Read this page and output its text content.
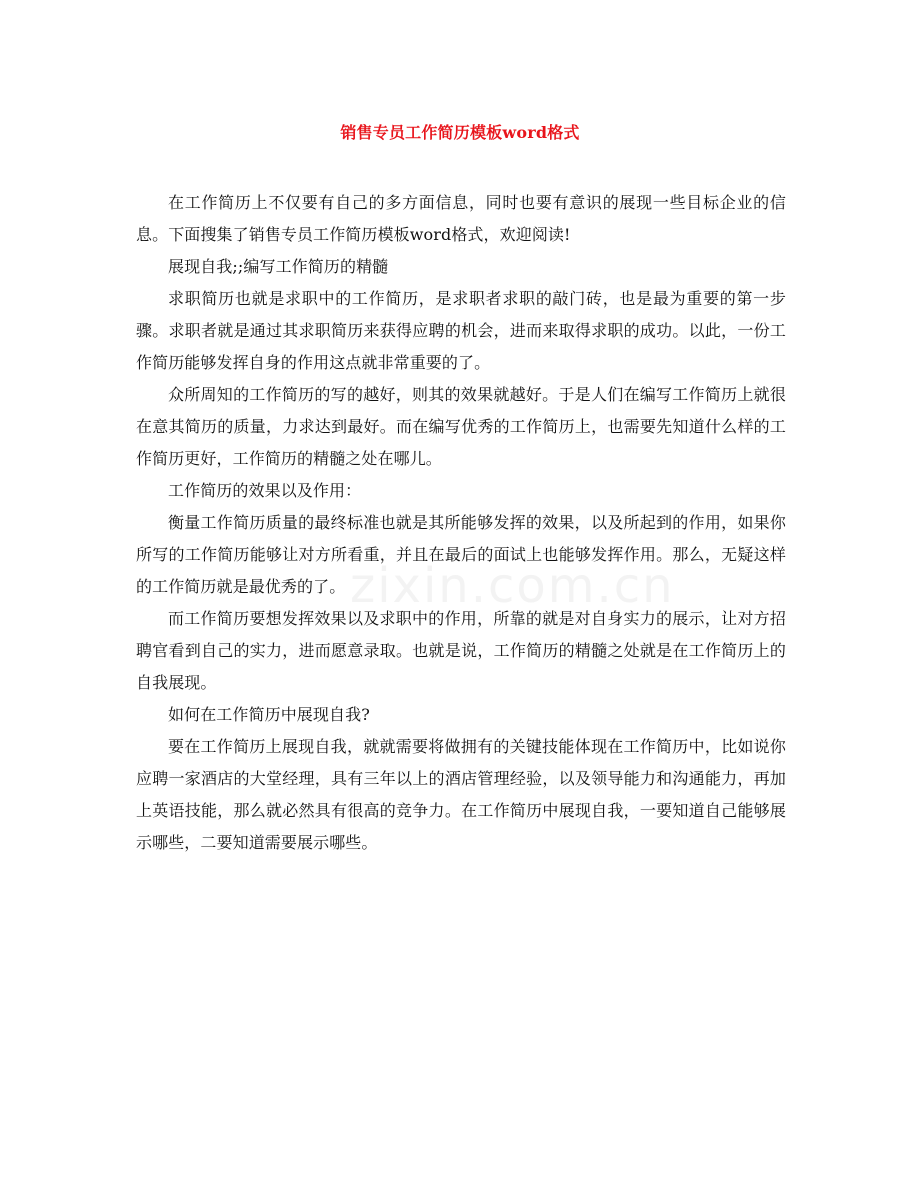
销售专员工作简历模板word格式
zixin.com.cn

在工作简历上不仅要有自己的多方面信息，同时也要有意识的展现一些目标企业的信息。下面搜集了销售专员工作简历模板word格式，欢迎阅读!

展现自我;;编写工作简历的精髓

求职简历也就是求职中的工作简历，是求职者求职的敲门砖，也是最为重要的第一步骤。求职者就是通过其求职简历来获得应聘的机会，进而来取得求职的成功。以此，一份工作简历能够发挥自身的作用这点就非常重要的了。

众所周知的工作简历的写的越好，则其的效果就越好。于是人们在编写工作简历上就很在意其简历的质量，力求达到最好。而在编写优秀的工作简历上，也需要先知道什么样的工作简历更好，工作简历的精髓之处在哪儿。

工作简历的效果以及作用：

衡量工作简历质量的最终标准也就是其所能够发挥的效果，以及所起到的作用，如果你所写的工作简历能够让对方所看重，并且在最后的面试上也能够发挥作用。那么，无疑这样的工作简历就是最优秀的了。

而工作简历要想发挥效果以及求职中的作用，所靠的就是对自身实力的展示，让对方招聘官看到自己的实力，进而愿意录取。也就是说，工作简历的精髓之处就是在工作简历上的自我展现。

如何在工作简历中展现自我?

要在工作简历上展现自我，就就需要将做拥有的关键技能体现在工作简历中，比如说你应聘一家酒店的大堂经理，具有三年以上的酒店管理经验，以及领导能力和沟通能力，再加上英语技能，那么就必然具有很高的竞争力。在工作简历中展现自我，一要知道自己能够展示哪些，二要知道需要展示哪些。
